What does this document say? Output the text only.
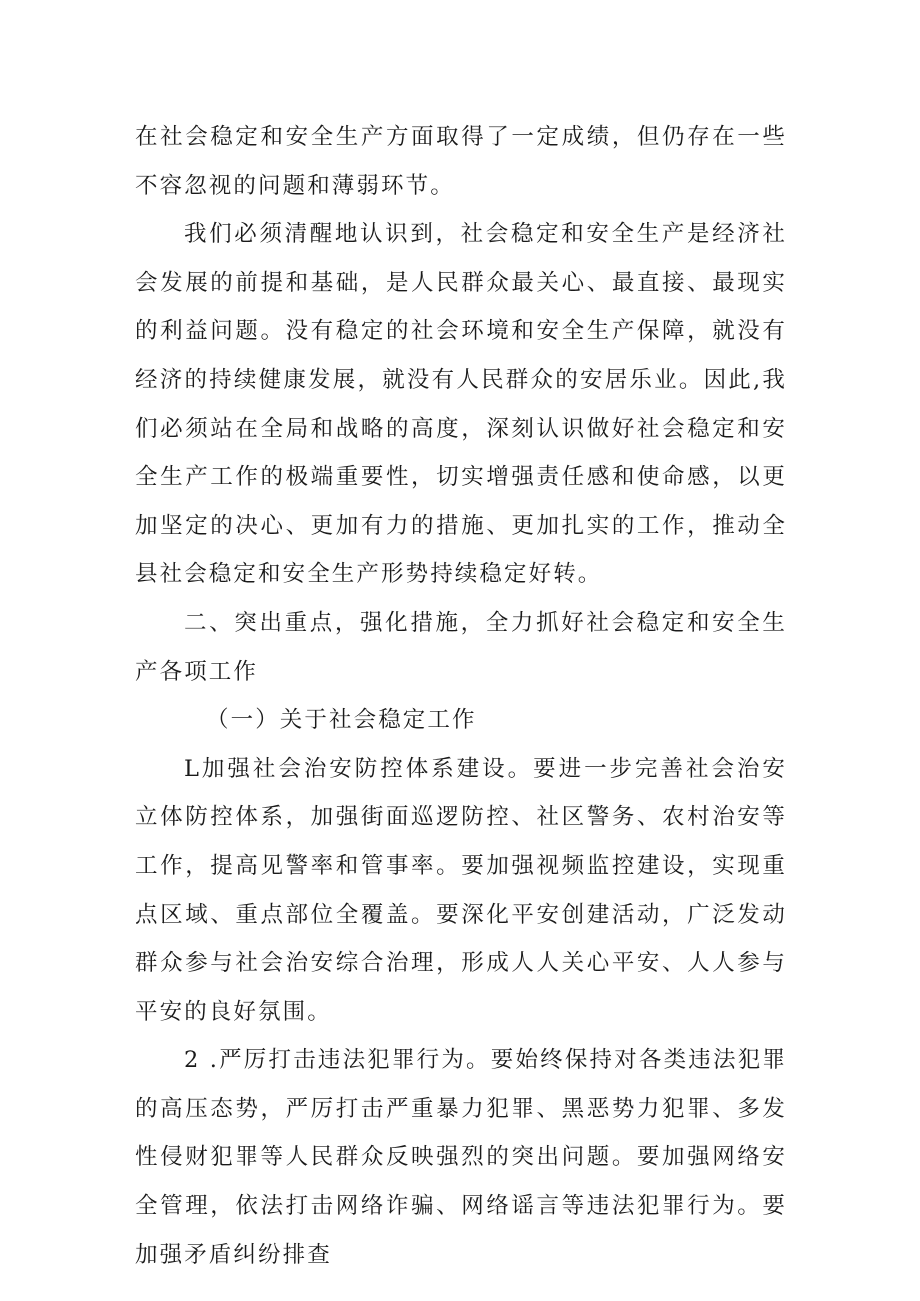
在社会稳定和安全生产方面取得了一定成绩，但仍存在一些不容忽视的问题和薄弱环节。

我们必须清醒地认识到，社会稳定和安全生产是经济社会发展的前提和基础，是人民群众最关心、最直接、最现实的利益问题。没有稳定的社会环境和安全生产保障，就没有经济的持续健康发展，就没有人民群众的安居乐业。因此,我们必须站在全局和战略的高度，深刻认识做好社会稳定和安全生产工作的极端重要性，切实增强责任感和使命感，以更加坚定的决心、更加有力的措施、更加扎实的工作，推动全县社会稳定和安全生产形势持续稳定好转。

二、突出重点，强化措施，全力抓好社会稳定和安全生产各项工作

（一）关于社会稳定工作

L加强社会治安防控体系建设。要进一步完善社会治安立体防控体系，加强街面巡逻防控、社区警务、农村治安等工作，提高见警率和管事率。要加强视频监控建设，实现重点区域、重点部位全覆盖。要深化平安创建活动，广泛发动群众参与社会治安综合治理，形成人人关心平安、人人参与平安的良好氛围。

2 .严厉打击违法犯罪行为。要始终保持对各类违法犯罪的高压态势，严厉打击严重暴力犯罪、黑恶势力犯罪、多发性侵财犯罪等人民群众反映强烈的突出问题。要加强网络安全管理，依法打击网络诈骗、网络谣言等违法犯罪行为。要加强矛盾纠纷排查
